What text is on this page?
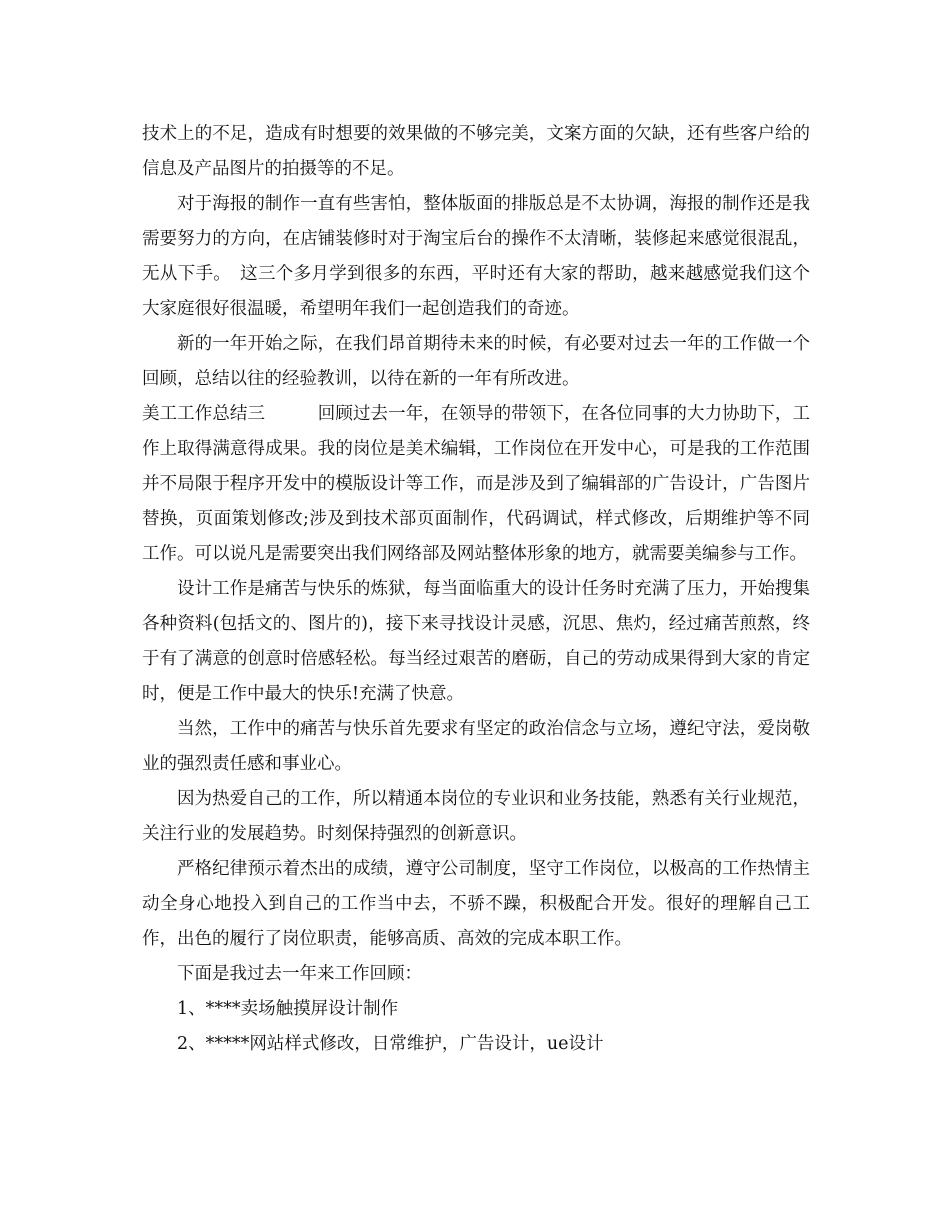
技术上的不足，造成有时想要的效果做的不够完美，文案方面的欠缺，还有些客户给的信息及产品图片的拍摄等的不足。

对于海报的制作一直有些害怕，整体版面的排版总是不太协调，海报的制作还是我需要努力的方向，在店铺装修时对于淘宝后台的操作不太清晰，装修起来感觉很混乱，无从下手。　这三个多月学到很多的东西，平时还有大家的帮助，越来越感觉我们这个大家庭很好很温暖，希望明年我们一起创造我们的奇迹。

新的一年开始之际，在我们昂首期待未来的时候，有必要对过去一年的工作做一个回顾，总结以往的经验教训，以待在新的一年有所改进。

美工工作总结三　　　回顾过去一年，在领导的带领下，在各位同事的大力协助下，工作上取得满意得成果。我的岗位是美术编辑，工作岗位在开发中心，可是我的工作范围并不局限于程序开发中的模版设计等工作，而是涉及到了编辑部的广告设计，广告图片替换，页面策划修改;涉及到技术部页面制作，代码调试，样式修改，后期维护等不同工作。可以说凡是需要突出我们网络部及网站整体形象的地方，就需要美编参与工作。

设计工作是痛苦与快乐的炼狱，每当面临重大的设计任务时充满了压力，开始搜集各种资料(包括文的、图片的)，接下来寻找设计灵感，沉思、焦灼，经过痛苦煎熬，终于有了满意的创意时倍感轻松。每当经过艰苦的磨砺，自己的劳动成果得到大家的肯定时，便是工作中最大的快乐!充满了快意。

当然，工作中的痛苦与快乐首先要求有坚定的政治信念与立场，遵纪守法，爱岗敬业的强烈责任感和事业心。

因为热爱自己的工作，所以精通本岗位的专业识和业务技能，熟悉有关行业规范，关注行业的发展趋势。时刻保持强烈的创新意识。

严格纪律预示着杰出的成绩，遵守公司制度，坚守工作岗位，以极高的工作热情主动全身心地投入到自己的工作当中去，不骄不躁，积极配合开发。很好的理解自己工作，出色的履行了岗位职责，能够高质、高效的完成本职工作。

下面是我过去一年来工作回顾：

1、****卖场触摸屏设计制作

2、*****网站样式修改，日常维护，广告设计，ue设计
